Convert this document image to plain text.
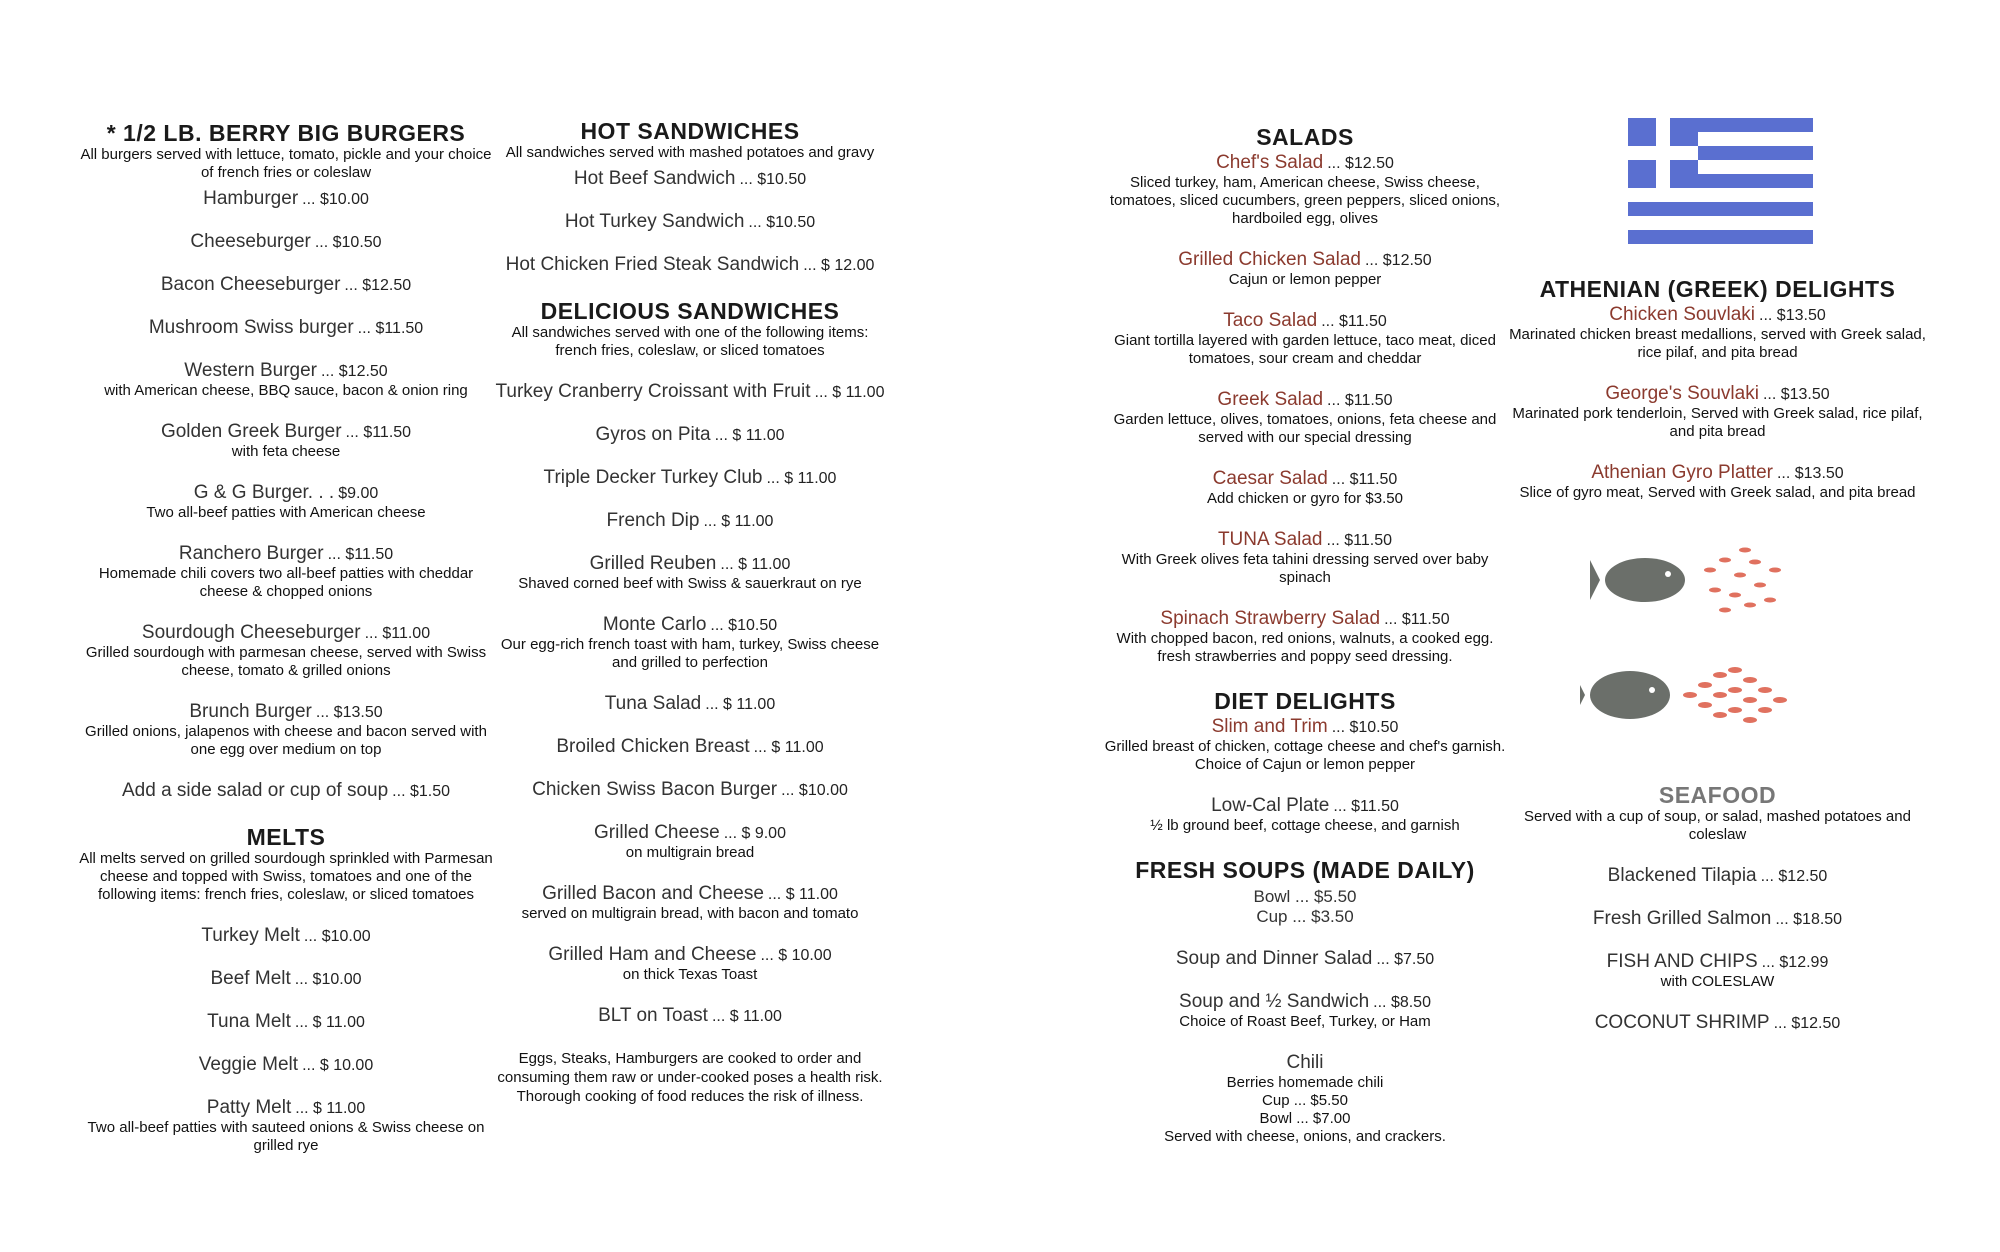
* 1/2 LB. BERRY BIG BURGERS
All burgers served with lettuce, tomato, pickle and your choice of french fries or coleslaw
Hamburger ... $10.00
Cheeseburger ... $10.50
Bacon Cheeseburger ... $12.50
Mushroom Swiss burger ... $11.50
Western Burger ... $12.50
with American cheese, BBQ sauce, bacon & onion ring
Golden Greek Burger ... $11.50
with feta cheese
G & G Burger. . . $9.00
Two all-beef patties with American cheese
Ranchero Burger ... $11.50
Homemade chili covers two all-beef patties with cheddar cheese & chopped onions
Sourdough Cheeseburger ... $11.00
Grilled sourdough with parmesan cheese, served with Swiss cheese, tomato & grilled onions
Brunch Burger ... $13.50
Grilled onions, jalapenos with cheese and bacon served with one egg over medium on top
Add a side salad or cup of soup ... $1.50
MELTS
All melts served on grilled sourdough sprinkled with Parmesan cheese and topped with Swiss, tomatoes and one of the following items: french fries, coleslaw, or sliced tomatoes
Turkey Melt ... $10.00
Beef Melt ... $10.00
Tuna Melt ... $ 11.00
Veggie Melt ... $ 10.00
Patty Melt ... $ 11.00
Two all-beef patties with sauteed onions & Swiss cheese on grilled rye
HOT SANDWICHES
All sandwiches served with mashed potatoes and gravy
Hot Beef Sandwich ... $10.50
Hot Turkey Sandwich ... $10.50
Hot Chicken Fried Steak Sandwich ... $ 12.00
DELICIOUS SANDWICHES
All sandwiches served with one of the following items: french fries, coleslaw, or sliced tomatoes
Turkey Cranberry Croissant with Fruit ... $ 11.00
Gyros on Pita ... $ 11.00
Triple Decker Turkey Club ... $ 11.00
French Dip ... $ 11.00
Grilled Reuben ... $ 11.00
Shaved corned beef with Swiss & sauerkraut on rye
Monte Carlo ... $10.50
Our egg-rich french toast with ham, turkey, Swiss cheese and grilled to perfection
Tuna Salad ... $ 11.00
Broiled Chicken Breast ... $ 11.00
Chicken Swiss Bacon Burger ... $10.00
Grilled Cheese ... $ 9.00
on multigrain bread
Grilled Bacon and Cheese ... $ 11.00
served on multigrain bread, with bacon and tomato
Grilled Ham and Cheese ... $ 10.00
on thick Texas Toast
BLT on Toast ... $ 11.00
Eggs, Steaks, Hamburgers are cooked to order and consuming them raw or under-cooked poses a health risk. Thorough cooking of food reduces the risk of illness.
SALADS
Chef's Salad ... $12.50
Sliced turkey, ham, American cheese, Swiss cheese, tomatoes, sliced cucumbers, green peppers, sliced onions, hardboiled egg, olives
Grilled Chicken Salad ... $12.50
Cajun or lemon pepper
Taco Salad ... $11.50
Giant tortilla layered with garden lettuce, taco meat, diced tomatoes, sour cream and cheddar
Greek Salad ... $11.50
Garden lettuce, olives, tomatoes, onions, feta cheese and served with our special dressing
Caesar Salad ... $11.50
Add chicken or gyro for $3.50
TUNA Salad ... $11.50
With Greek olives feta tahini dressing served over baby spinach
Spinach Strawberry Salad ... $11.50
With chopped bacon, red onions, walnuts, a cooked egg. fresh strawberries and poppy seed dressing.
DIET DELIGHTS
Slim and Trim ... $10.50
Grilled breast of chicken, cottage cheese and chef's garnish. Choice of Cajun or lemon pepper
Low-Cal Plate ... $11.50
½ lb ground beef, cottage cheese, and garnish
FRESH SOUPS (MADE DAILY)
Bowl ... $5.50
Cup ... $3.50
Soup and Dinner Salad ... $7.50
Soup and ½ Sandwich ... $8.50
Choice of Roast Beef, Turkey, or Ham
Chili
Berries homemade chili
Cup ... $5.50
Bowl ... $7.00
Served with cheese, onions, and crackers.
ATHENIAN (GREEK) DELIGHTS
Chicken Souvlaki ... $13.50
Marinated chicken breast medallions, served with Greek salad, rice pilaf, and pita bread
George's Souvlaki ... $13.50
Marinated pork tenderloin, Served with Greek salad, rice pilaf, and pita bread
Athenian Gyro Platter ... $13.50
Slice of gyro meat, Served with Greek salad, and pita bread
SEAFOOD
Served with a cup of soup, or salad, mashed potatoes and coleslaw
Blackened Tilapia ... $12.50
Fresh Grilled Salmon ... $18.50
FISH AND CHIPS ... $12.99
with COLESLAW
COCONUT SHRIMP ... $12.50
